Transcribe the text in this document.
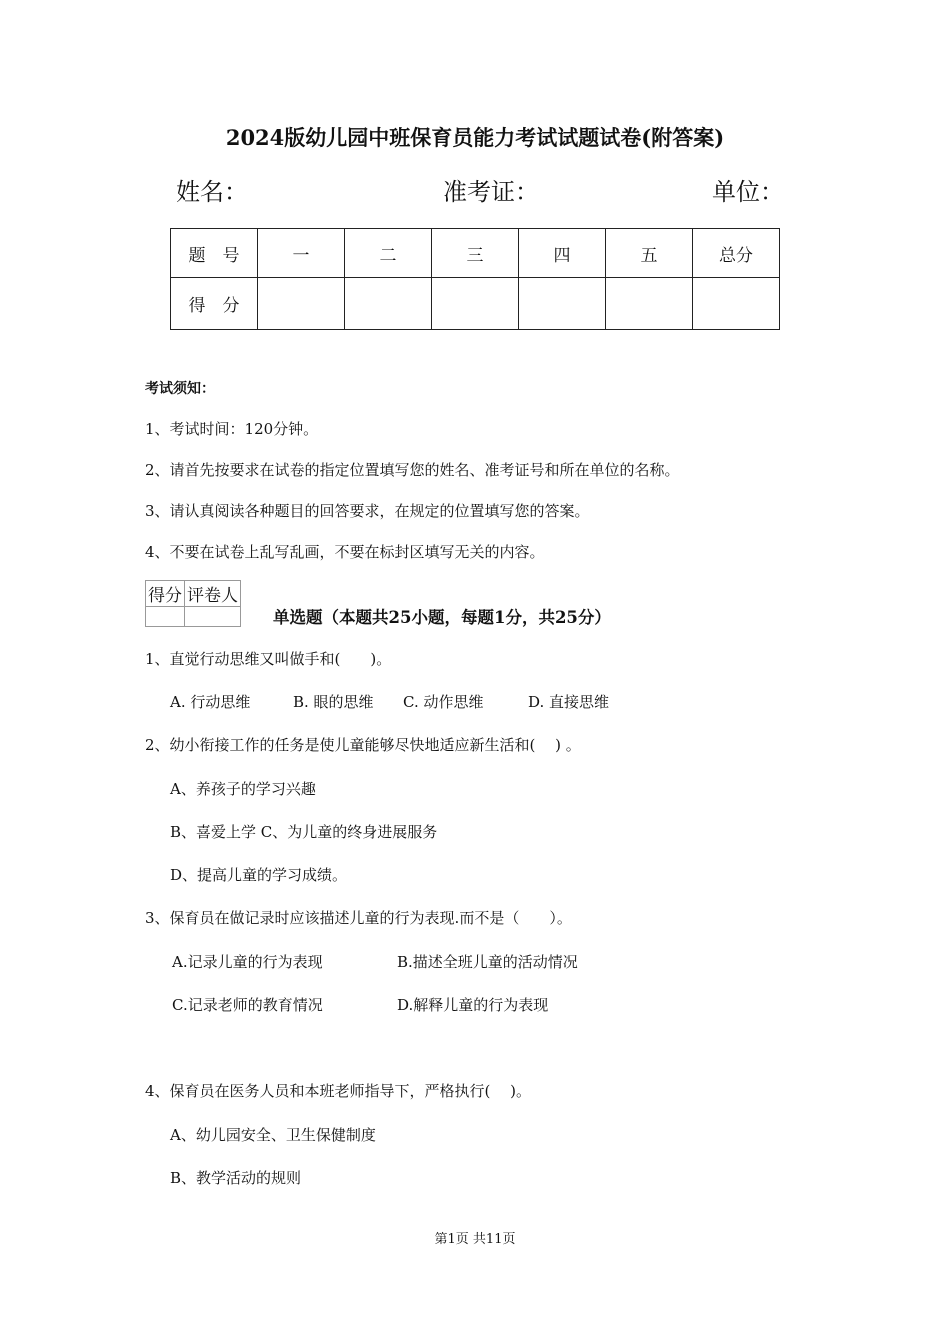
2024版幼儿园中班保育员能力考试试题试卷(附答案)
姓名：	准考证：	单位：
题　号	一	二	三	四	五	总分
得　分						
考试须知：
1、考试时间：120分钟。
2、请首先按要求在试卷的指定位置填写您的姓名、准考证号和所在单位的名称。
3、请认真阅读各种题目的回答要求，在规定的位置填写您的答案。
4、不要在试卷上乱写乱画，不要在标封区填写无关的内容。
得分	评卷人

单选题（本题共25小题，每题1分，共25分）
1、直觉行动思维又叫做手和(　　)。
A. 行动思维	B. 眼的思维 C. 动作思维	D. 直接思维
2、幼小衔接工作的任务是使儿童能够尽快地适应新生活和(　 ) 。
A、养孩子的学习兴趣
B、喜爱上学 C、为儿童的终身进展服务
D、提高儿童的学习成绩。
3、保育员在做记录时应该描述儿童的行为表现.而不是（　　）。
A.记录儿童的行为表现	B.描述全班儿童的活动情况
C.记录老师的教育情况	D.解释儿童的行为表现
4、保育员在医务人员和本班老师指导下，严格执行(　 )。
A、幼儿园安全、卫生保健制度
B、教学活动的规则
第1页 共11页
